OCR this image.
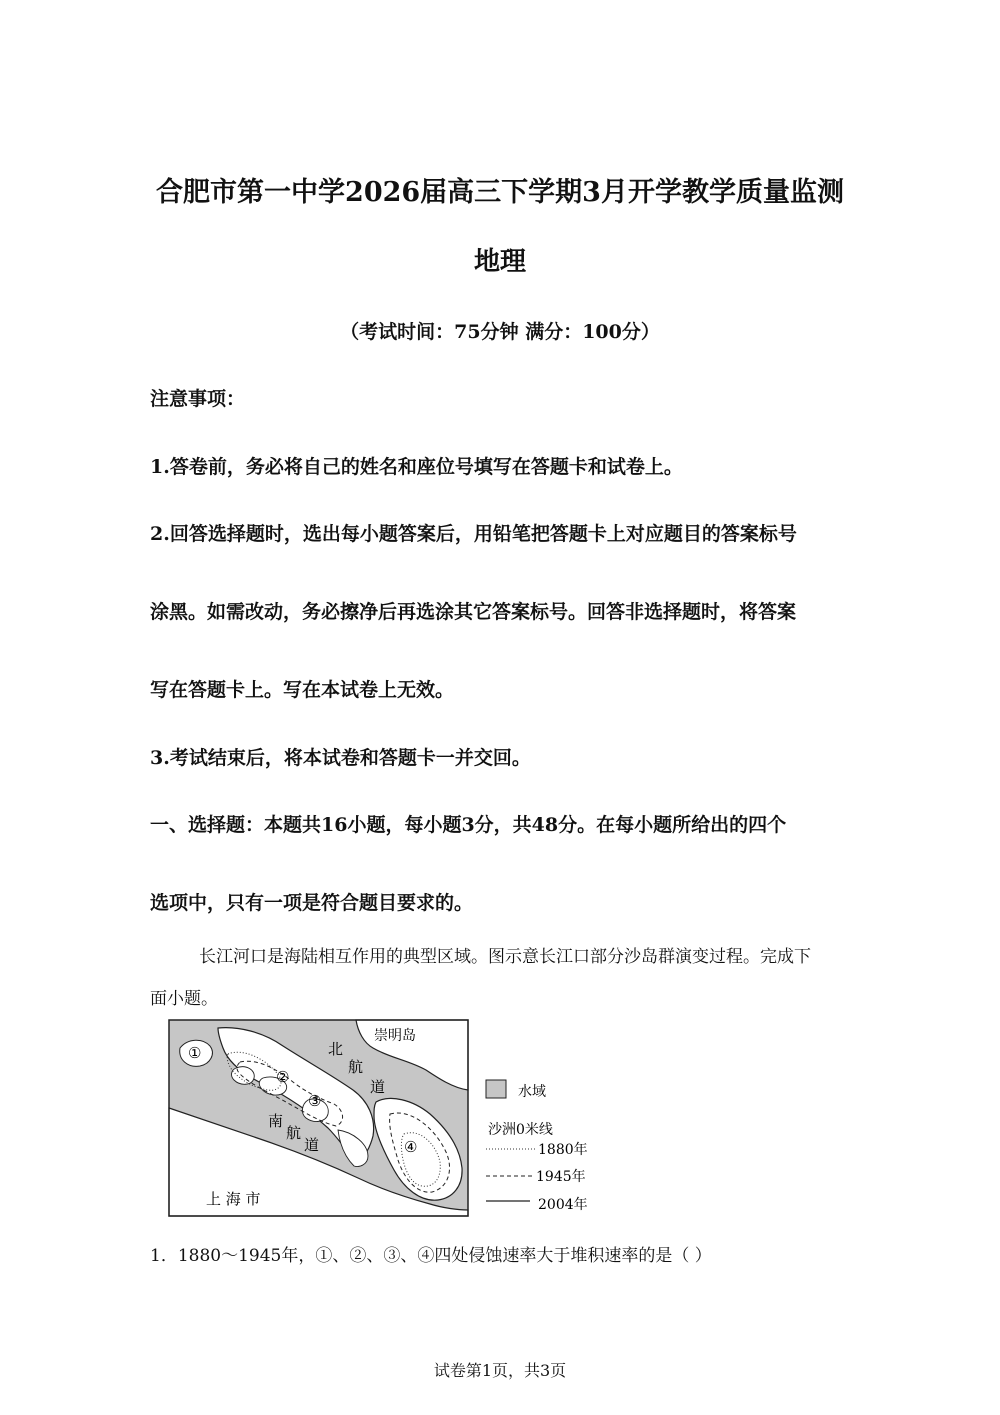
合肥市第一中学2026届高三下学期3月开学教学质量监测
地理
（考试时间：75分钟 满分：100分）
注意事项：
1.答卷前，务必将自己的姓名和座位号填写在答题卡和试卷上。
2.回答选择题时，选出每小题答案后，用铅笔把答题卡上对应题目的答案标号
涂黑。如需改动，务必擦净后再选涂其它答案标号。回答非选择题时，将答案
写在答题卡上。写在本试卷上无效。
3.考试结束后，将本试卷和答题卡一并交回。
一、选择题：本题共16小题，每小题3分，共48分。在每小题所给出的四个
选项中，只有一项是符合题目要求的。
长江河口是海陆相互作用的典型区域。图示意长江口部分沙岛群演变过程。完成下
面小题。
崇明岛
北
航
道
南
航
道
上 海 市
①
②
③
④
水域
沙洲0米线
1880年
1945年
2004年
1．1880～1945年，①、②、③、④四处侵蚀速率大于堆积速率的是（ ）
试卷第1页，共3页
